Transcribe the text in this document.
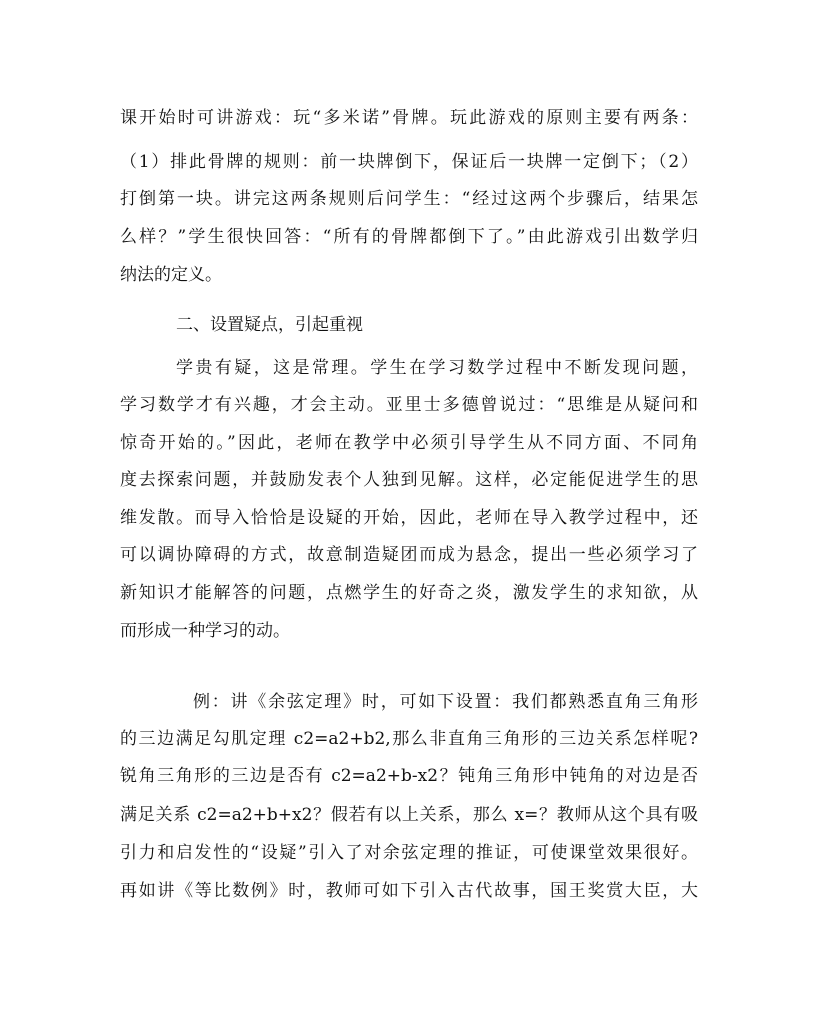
课开始时可讲游戏：玩“多米诺”骨牌。玩此游戏的原则主要有两条：
（1）排此骨牌的规则：前一块牌倒下，保证后一块牌一定倒下；（2）
打倒第一块。讲完这两条规则后问学生：“经过这两个步骤后，结果怎
么样？”学生很快回答：“所有的骨牌都倒下了。”由此游戏引出数学归
纳法的定义。
二、设置疑点，引起重视
学贵有疑，这是常理。学生在学习数学过程中不断发现问题，
学习数学才有兴趣，才会主动。亚里士多德曾说过：“思维是从疑问和
惊奇开始的。”因此，老师在教学中必须引导学生从不同方面、不同角
度去探索问题，并鼓励发表个人独到见解。这样，必定能促进学生的思
维发散。而导入恰恰是设疑的开始，因此，老师在导入教学过程中，还
可以调协障碍的方式，故意制造疑团而成为悬念，提出一些必须学习了
新知识才能解答的问题，点燃学生的好奇之炎，激发学生的求知欲，从
而形成一种学习的动。
例：讲《余弦定理》时，可如下设置：我们都熟悉直角三角形
的三边满足勾肌定理 c2=a2+b2,那么非直角三角形的三边关系怎样呢?
锐角三角形的三边是否有 c2=a2+b-x2？钝角三角形中钝角的对边是否
满足关系 c2=a2+b+x2？假若有以上关系，那么 x=？教师从这个具有吸
引力和启发性的“设疑”引入了对余弦定理的推证，可使课堂效果很好。
再如讲《等比数例》时，教师可如下引入古代故事，国王奖赏大臣，大
